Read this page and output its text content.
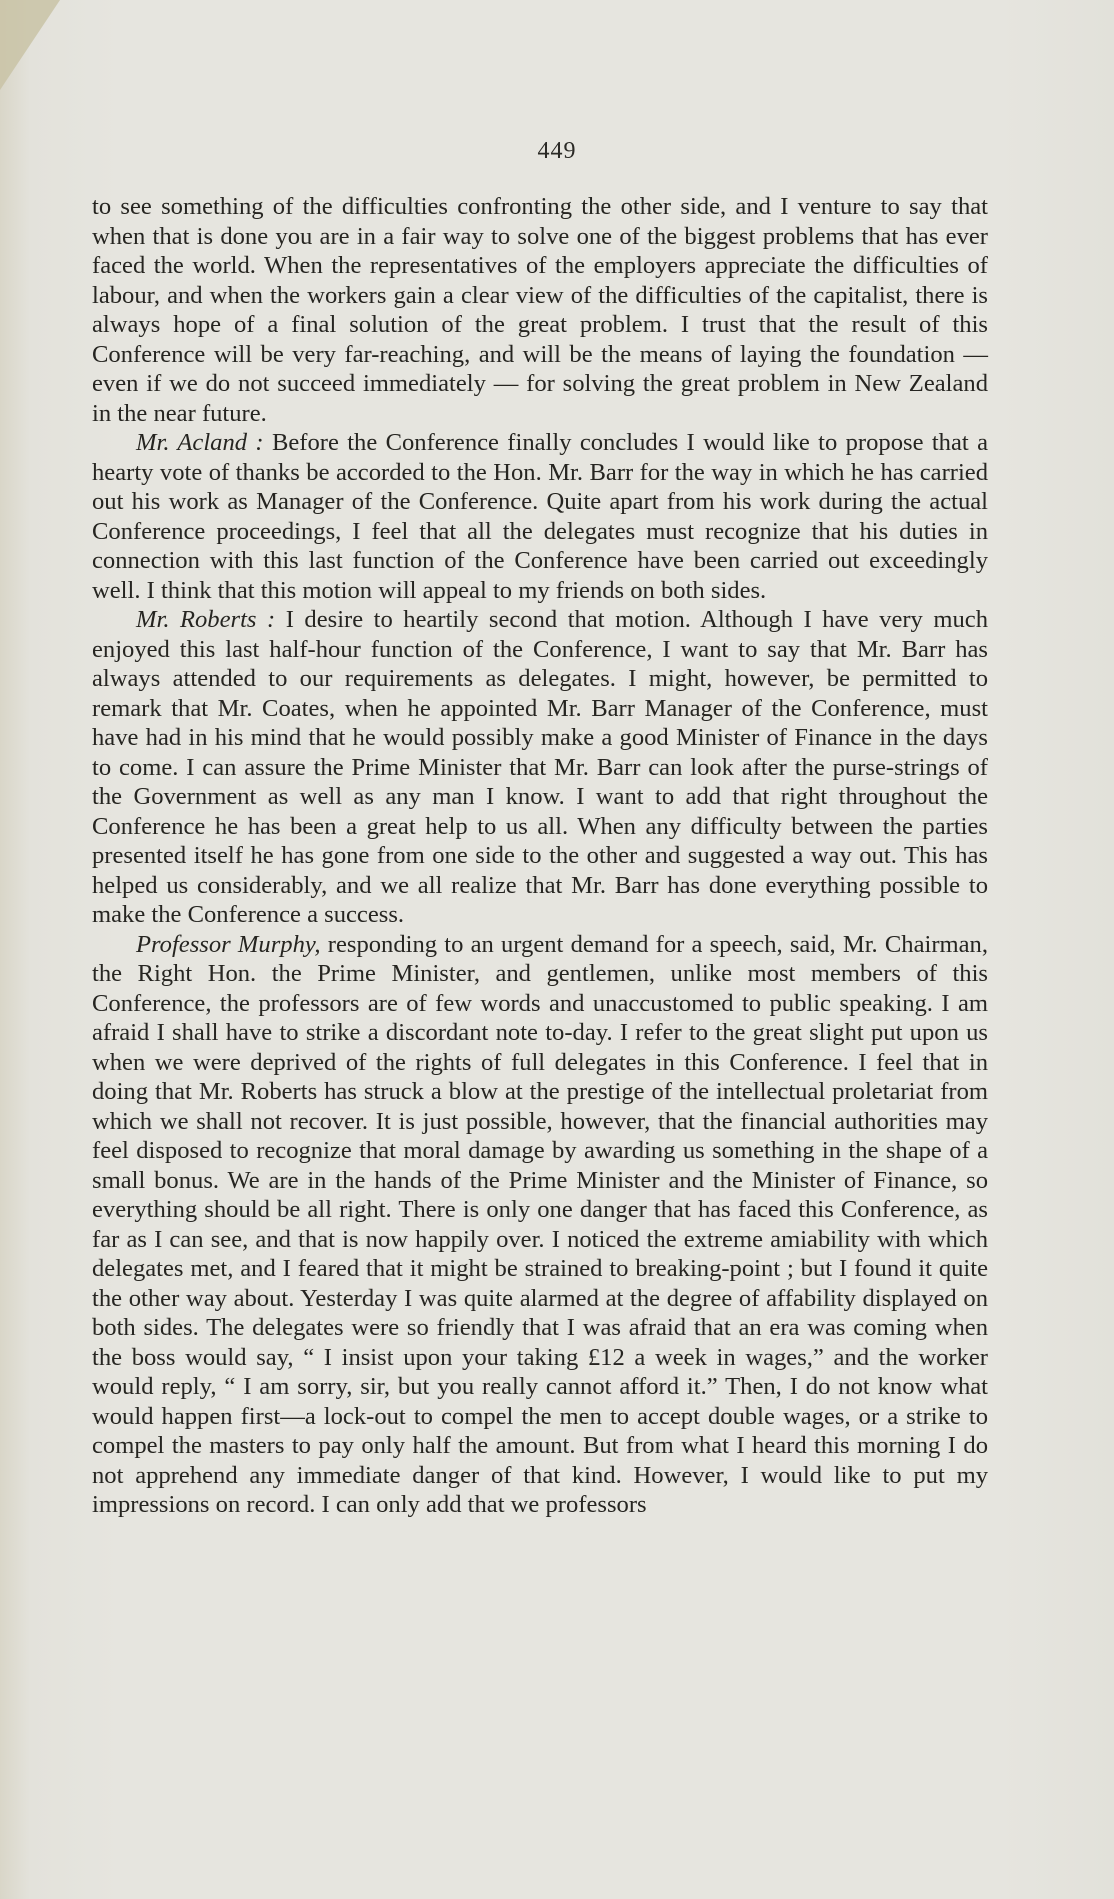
449

to see something of the difficulties confronting the other side, and I venture to say that when that is done you are in a fair way to solve one of the biggest problems that has ever faced the world. When the representatives of the employers appreciate the difficulties of labour, and when the workers gain a clear view of the difficulties of the capitalist, there is always hope of a final solution of the great problem. I trust that the result of this Conference will be very far-reaching, and will be the means of laying the foundation — even if we do not succeed immediately — for solving the great problem in New Zealand in the near future.

Mr. Acland : Before the Conference finally concludes I would like to propose that a hearty vote of thanks be accorded to the Hon. Mr. Barr for the way in which he has carried out his work as Manager of the Conference. Quite apart from his work during the actual Conference proceedings, I feel that all the delegates must recognize that his duties in connection with this last function of the Conference have been carried out exceedingly well. I think that this motion will appeal to my friends on both sides.

Mr. Roberts : I desire to heartily second that motion. Although I have very much enjoyed this last half-hour function of the Conference, I want to say that Mr. Barr has always attended to our requirements as delegates. I might, however, be permitted to remark that Mr. Coates, when he appointed Mr. Barr Manager of the Conference, must have had in his mind that he would possibly make a good Minister of Finance in the days to come. I can assure the Prime Minister that Mr. Barr can look after the purse-strings of the Government as well as any man I know. I want to add that right throughout the Conference he has been a great help to us all. When any difficulty between the parties presented itself he has gone from one side to the other and suggested a way out. This has helped us considerably, and we all realize that Mr. Barr has done everything possible to make the Conference a success.

Professor Murphy, responding to an urgent demand for a speech, said, Mr. Chairman, the Right Hon. the Prime Minister, and gentlemen, unlike most members of this Conference, the professors are of few words and unaccustomed to public speaking. I am afraid I shall have to strike a discordant note to-day. I refer to the great slight put upon us when we were deprived of the rights of full delegates in this Conference. I feel that in doing that Mr. Roberts has struck a blow at the prestige of the intellectual proletariat from which we shall not recover. It is just possible, however, that the financial authorities may feel disposed to recognize that moral damage by awarding us something in the shape of a small bonus. We are in the hands of the Prime Minister and the Minister of Finance, so everything should be all right. There is only one danger that has faced this Conference, as far as I can see, and that is now happily over. I noticed the extreme amiability with which delegates met, and I feared that it might be strained to breaking-point ; but I found it quite the other way about. Yesterday I was quite alarmed at the degree of affability displayed on both sides. The delegates were so friendly that I was afraid that an era was coming when the boss would say, “ I insist upon your taking £12 a week in wages,” and the worker would reply, “ I am sorry, sir, but you really cannot afford it.” Then, I do not know what would happen first—a lock-out to compel the men to accept double wages, or a strike to compel the masters to pay only half the amount. But from what I heard this morning I do not apprehend any immediate danger of that kind. However, I would like to put my impressions on record. I can only add that we professors
